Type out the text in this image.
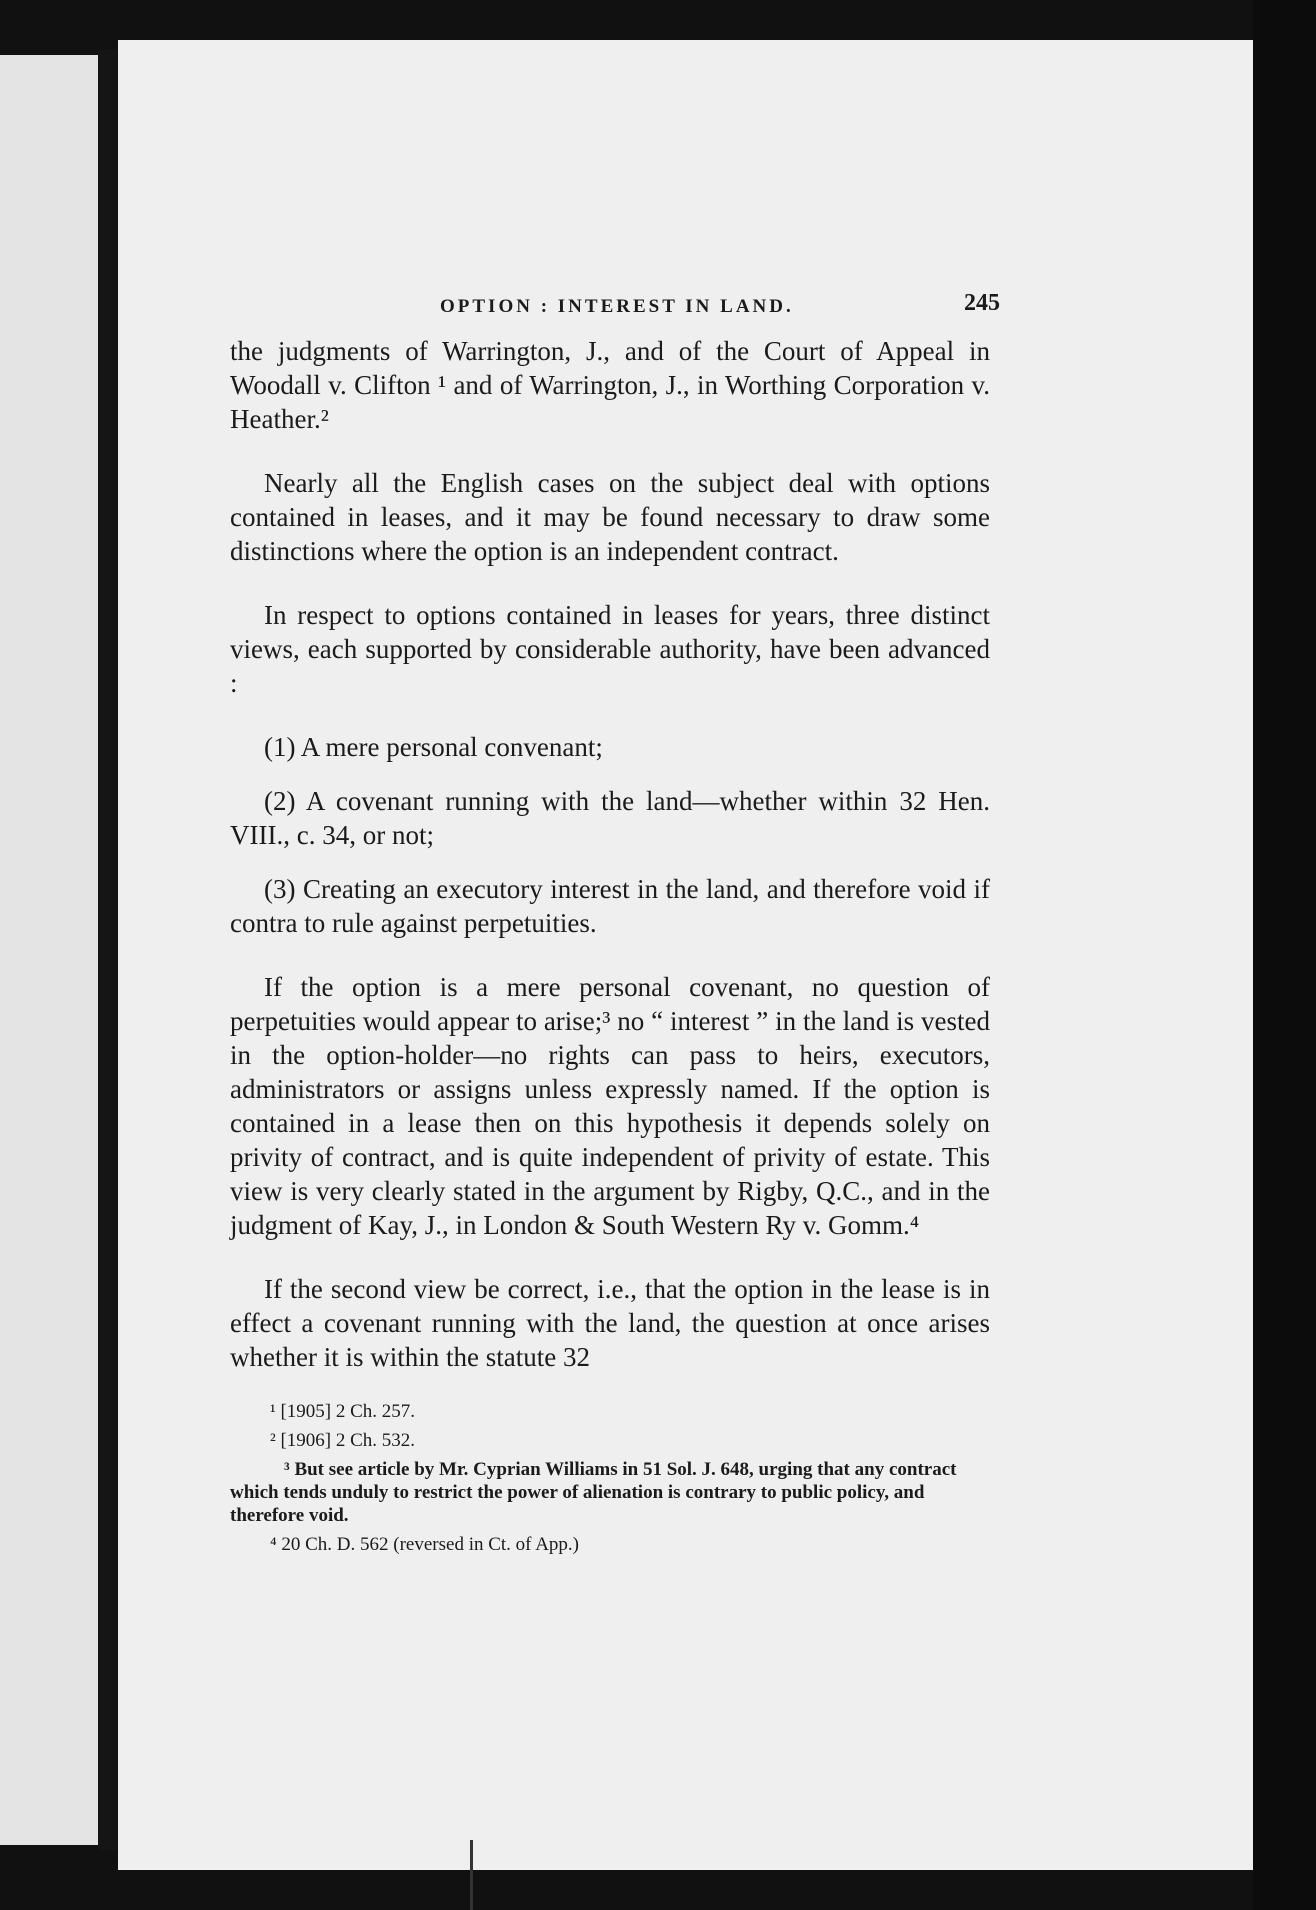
OPTION : INTEREST IN LAND.	245

the judgments of Warrington, J., and of the Court of Appeal in Woodall v. Clifton ¹ and of Warrington, J., in Worthing Corporation v. Heather.²

Nearly all the English cases on the subject deal with options contained in leases, and it may be found necessary to draw some distinctions where the option is an independent contract.

In respect to options contained in leases for years, three distinct views, each supported by considerable authority, have been advanced :

(1) A mere personal convenant;

(2) A covenant running with the land—whether within 32 Hen. VIII., c. 34, or not;

(3) Creating an executory interest in the land, and therefore void if contra to rule against perpetuities.

If the option is a mere personal covenant, no question of perpetuities would appear to arise;³ no “ interest ” in the land is vested in the option-holder—no rights can pass to heirs, executors, administrators or assigns unless expressly named. If the option is contained in a lease then on this hypothesis it depends solely on privity of contract, and is quite independent of privity of estate. This view is very clearly stated in the argument by Rigby, Q.C., and in the judgment of Kay, J., in London & South Western Ry v. Gomm.⁴

If the second view be correct, i.e., that the option in the lease is in effect a covenant running with the land, the question at once arises whether it is within the statute 32

¹ [1905] 2 Ch. 257.
² [1906] 2 Ch. 532.
³ But see article by Mr. Cyprian Williams in 51 Sol. J. 648, urging that any contract which tends unduly to restrict the power of alienation is contrary to public policy, and therefore void.
⁴ 20 Ch. D. 562 (reversed in Ct. of App.)
